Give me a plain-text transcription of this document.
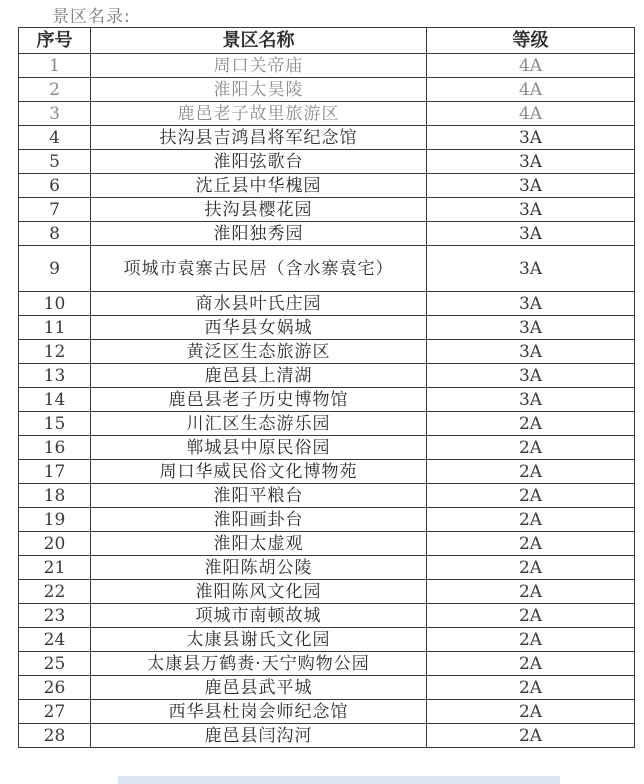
景区名录:
序号	景区名称	等级
1	周口关帝庙	4A
2	淮阳太昊陵	4A
3	鹿邑老子故里旅游区	4A
4	扶沟县吉鸿昌将军纪念馆	3A
5	淮阳弦歌台	3A
6	沈丘县中华槐园	3A
7	扶沟县樱花园	3A
8	淮阳独秀园	3A
9	项城市袁寨古民居（含水寨袁宅）	3A
10	商水县叶氏庄园	3A
11	西华县女娲城	3A
12	黄泛区生态旅游区	3A
13	鹿邑县上清湖	3A
14	鹿邑县老子历史博物馆	3A
15	川汇区生态游乐园	2A
16	郸城县中原民俗园	2A
17	周口华威民俗文化博物苑	2A
18	淮阳平粮台	2A
19	淮阳画卦台	2A
20	淮阳太虚观	2A
21	淮阳陈胡公陵	2A
22	淮阳陈风文化园	2A
23	项城市南顿故城	2A
24	太康县谢氏文化园	2A
25	太康县万鹤赉·天宁购物公园	2A
26	鹿邑县武平城	2A
27	西华县杜岗会师纪念馆	2A
28	鹿邑县闫沟河	2A
